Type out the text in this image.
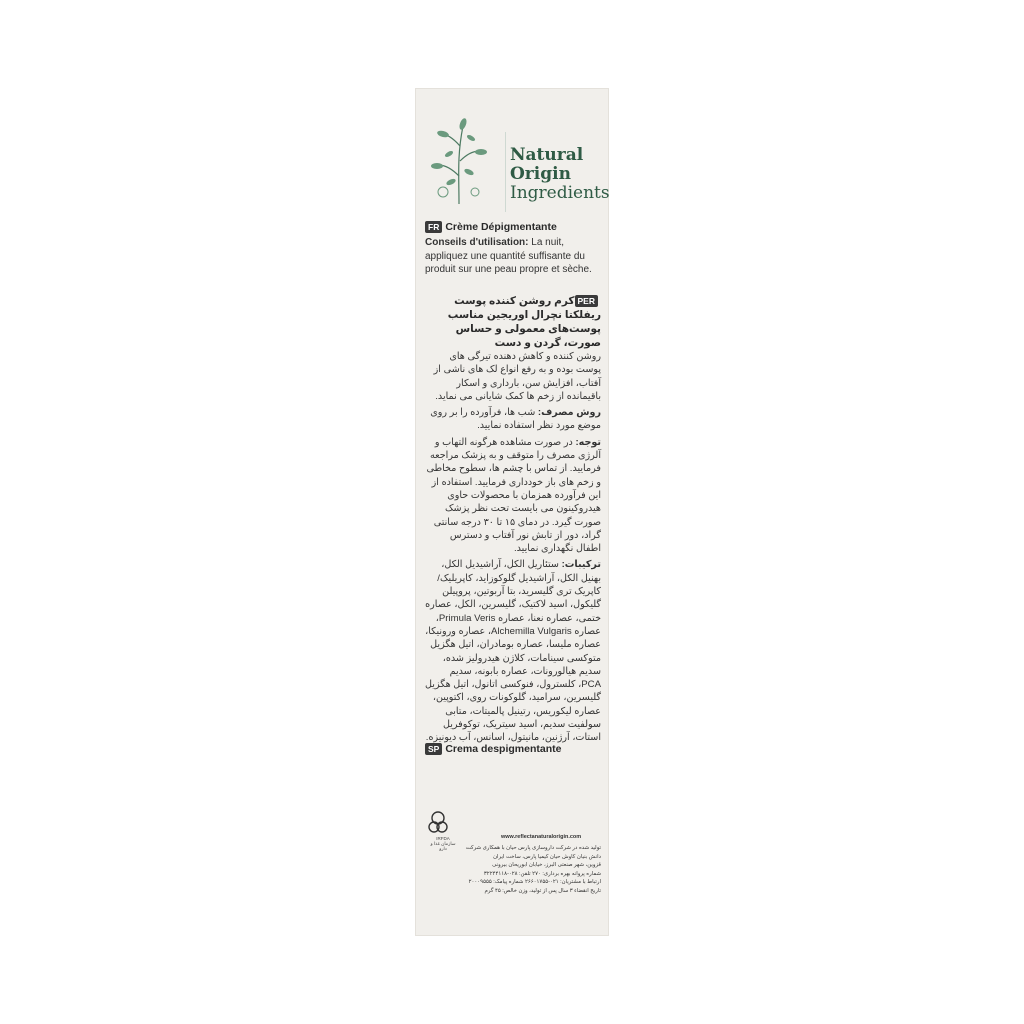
Natural
Origin
Ingredients
FR Crème Dépigmentante
Conseils d'utilisation: La nuit, appliquez une quantité suffisante du produit sur une peau propre et sèche.
PERکرم روشن کننده پوست ریفلکتا نچرال اوریجین مناسب پوست‌های معمولی و حساس صورت، گردن و دست

روشن کننده و کاهش دهنده تیرگی های پوست بوده و به رفع انواع لک های ناشی از آفتاب، افزایش سن، بارداری و اسکار باقیمانده از زخم ها کمک شایانی می نماید.

روش مصرف: شب ها، فرآورده را بر روی موضع مورد نظر استفاده نمایید.

توجه: در صورت مشاهده هرگونه التهاب و آلرژی مصرف را متوقف و به پزشک مراجعه فرمایید. از تماس با چشم ها، سطوح مخاطی و زخم های باز خودداری فرمایید. استفاده از این فرآورده همزمان با محصولات حاوی هیدروکینون می بایست تحت نظر پزشک صورت گیرد. در دمای ۱۵ تا ۳۰ درجه سانتی گراد، دور از تابش نور آفتاب و دسترس اطفال نگهداری نمایید.

ترکیبات: ستئاریل الکل، آراشیدیل الکل، بهنیل الکل، آراشیدیل گلوکوزاید، کاپریلیک/ کاپریک تری گلیسرید، بتا آربوتین، پروپیلن گلیکول، اسید لاکتیک، گلیسرین، الکل، عصاره ختمی، عصاره نعنا، عصاره Primula Veris، عصاره Alchemilla Vulgaris، عصاره ورونیکا، عصاره ملیسا، عصاره بومادران، اتیل هگزیل متوکسی سینامات، کلاژن هیدرولیز شده، سدیم هیالورونات، عصاره بابونه، سدیم PCA، کلسترول، فنوکسی اتانول، اتیل هگزیل گلیسرین، سرامید، گلوکونات روی، اکتوپین، عصاره لیکوریس، رتینیل پالمیتات، متابی سولفیت سدیم، اسید سیتریک، توکوفریل استات، آرژنین، مانیتول، اسانس، آب دیونیزه.

SP Crema despigmentante
IRFDA
سازمان غذا و دارو
www.reflectanaturalorigin.com
تولید شده در شرکت داروسازی پارس حیان با همکاری شرکت
دانش بنیان کاوش حیان کیمیا پارس، ساخت ایران
قزوین، شهر صنعتی البرز، خیابان ابوریحان بیرونی
شماره پروانه بهره برداری: ۲۷۰ تلفن: ۰۲۸-۳۲۲۴۴۱۱۸
ارتباط با مشتریان: ۰۲۱-۲۶۶۰۱۷۵۵ شماره پیامک: ۲۰۰۰۹۵۵۵
تاریخ انقضاء ۳ سال پس از تولید، وزن خالص: ۴۵ گرم
